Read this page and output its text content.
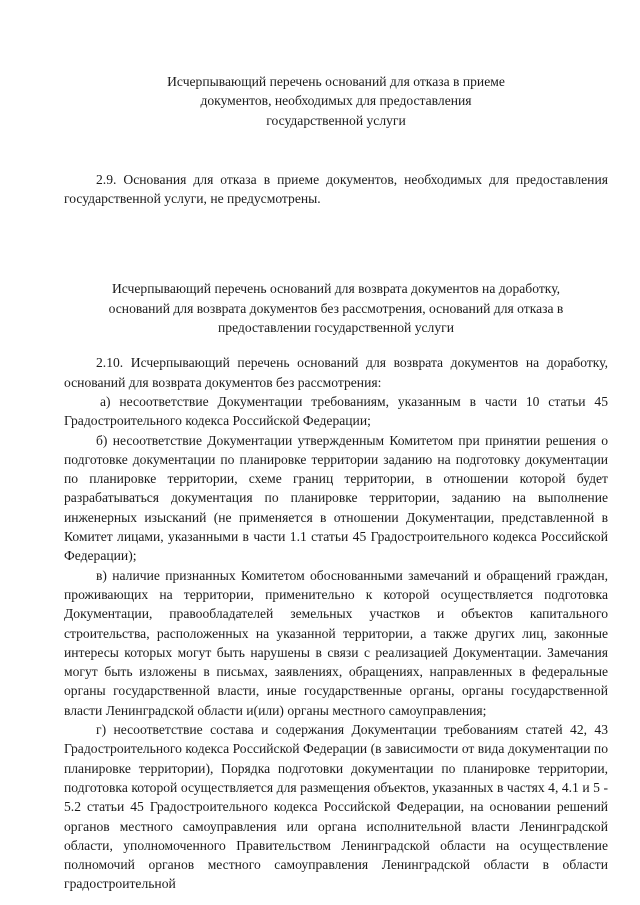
Исчерпывающий перечень оснований для отказа в приеме
документов, необходимых для предоставления
государственной услуги

2.9. Основания для отказа в приеме документов, необходимых для предоставления государственной услуги, не предусмотрены.

Исчерпывающий перечень оснований для возврата документов на доработку,
оснований для возврата документов без рассмотрения, оснований для отказа в
предоставлении государственной услуги

2.10. Исчерпывающий перечень оснований для возврата документов на доработку, оснований для возврата документов без рассмотрения:

а) несоответствие Документации требованиям, указанным в части 10 статьи 45 Градостроительного кодекса Российской Федерации;

б) несоответствие Документации утвержденным Комитетом при принятии решения о подготовке документации по планировке территории заданию на подготовку документации по планировке территории, схеме границ территории, в отношении которой будет разрабатываться документация по планировке территории, заданию на выполнение инженерных изысканий (не применяется в отношении Документации, представленной в Комитет лицами, указанными в части 1.1 статьи 45 Градостроительного кодекса Российской Федерации);

в) наличие признанных Комитетом обоснованными замечаний и обращений граждан, проживающих на территории, применительно к которой осуществляется подготовка Документации, правообладателей земельных участков и объектов капитального строительства, расположенных на указанной территории, а также других лиц, законные интересы которых могут быть нарушены в связи с реализацией Документации. Замечания могут быть изложены в письмах, заявлениях, обращениях, направленных в федеральные органы государственной власти, иные государственные органы, органы государственной власти Ленинградской области и(или) органы местного самоуправления;

г) несоответствие состава и содержания Документации требованиям статей 42, 43 Градостроительного кодекса Российской Федерации (в зависимости от вида документации по планировке территории), Порядка подготовки документации по планировке территории, подготовка которой осуществляется для размещения объектов, указанных в частях 4, 4.1 и 5 - 5.2 статьи 45 Градостроительного кодекса Российской Федерации, на основании решений органов местного самоуправления или органа исполнительной власти Ленинградской области, уполномоченного Правительством Ленинградской области на осуществление полномочий органов местного самоуправления Ленинградской области в области градостроительной
